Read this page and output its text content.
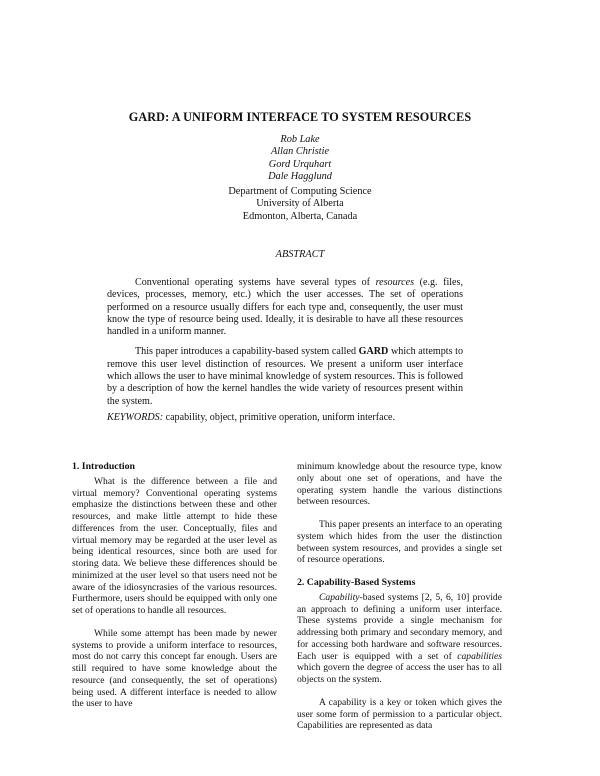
GARD: A UNIFORM INTERFACE TO SYSTEM RESOURCES
Rob Lake
Allan Christie
Gord Urquhart
Dale Hagglund
Department of Computing Science
University of Alberta
Edmonton, Alberta, Canada
ABSTRACT

Conventional operating systems have several types of resources (e.g. files, devices, processes, memory, etc.) which the user accesses. The set of operations performed on a resource usually differs for each type and, consequently, the user must know the type of resource being used. Ideally, it is desirable to have all these resources handled in a uniform manner.

This paper introduces a capability-based system called GARD which attempts to remove this user level distinction of resources. We present a uniform user interface which allows the user to have minimal knowledge of system resources. This is followed by a description of how the kernel handles the wide variety of resources present within the system.

KEYWORDS: capability, object, primitive operation, uniform interface.
1. Introduction

What is the difference between a file and virtual memory? Conventional operating systems emphasize the distinctions between these and other resources, and make little attempt to hide these differences from the user. Conceptually, files and virtual memory may be regarded at the user level as being identical resources, since both are used for storing data. We believe these differences should be minimized at the user level so that users need not be aware of the idiosyncrasies of the various resources. Furthermore, users should be equipped with only one set of operations to handle all resources.

While some attempt has been made by newer systems to provide a uniform interface to resources, most do not carry this concept far enough. Users are still required to have some knowledge about the resource (and consequently, the set of operations) being used. A different interface is needed to allow the user to have

minimum knowledge about the resource type, know only about one set of operations, and have the operating system handle the various distinctions between resources.

This paper presents an interface to an operating system which hides from the user the distinction between system resources, and provides a single set of resource operations.

2. Capability-Based Systems

Capability-based systems [2, 5, 6, 10] provide an approach to defining a uniform user interface. These systems provide a single mechanism for addressing both primary and secondary memory, and for accessing both hardware and software resources. Each user is equipped with a set of capabilities which govern the degree of access the user has to all objects on the system.

A capability is a key or token which gives the user some form of permission to a particular object. Capabilities are represented as data
